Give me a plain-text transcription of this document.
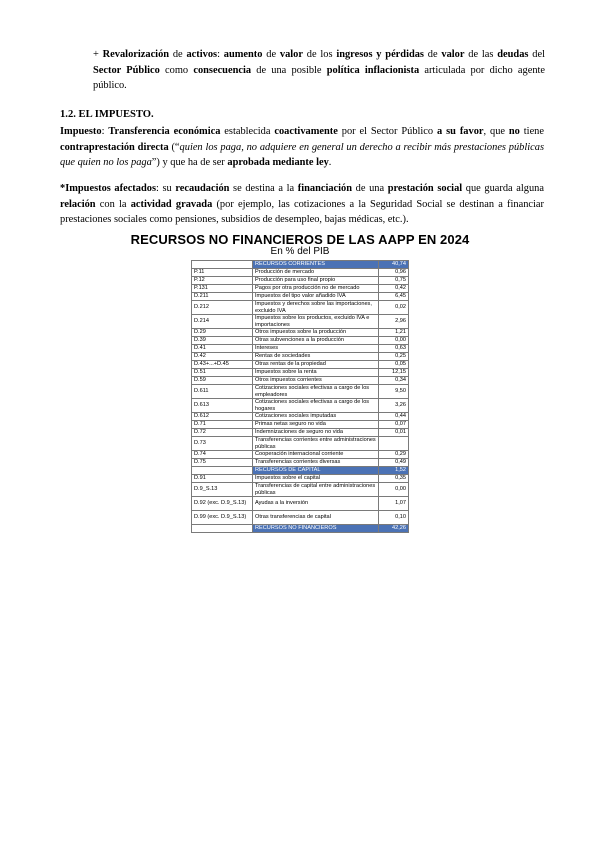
+ Revalorización de activos: aumento de valor de los ingresos y pérdidas de valor de las deudas del Sector Público como consecuencia de una posible política inflacionista articulada por dicho agente público.

1.2. EL IMPUESTO.

Impuesto: Transferencia económica establecida coactivamente por el Sector Público a su favor, que no tiene contraprestación directa (“quien los paga, no adquiere en general un derecho a recibir más prestaciones públicas que quien no los paga”) y que ha de ser aprobada mediante ley.

*Impuestos afectados: su recaudación se destina a la financiación de una prestación social que guarda alguna relación con la actividad gravada (por ejemplo, las cotizaciones a la Seguridad Social se destinan a financiar prestaciones sociales como pensiones, subsidios de desempleo, bajas médicas, etc.).

RECURSOS NO FINANCIEROS DE LAS AAPP EN 2024
En % del PIB
	RECURSOS CORRIENTES	40,74
P.11	Producción de mercado	0,96
P.12	Producción para uso final propio	0,75
P.131	Pagos por otra producción no de mercado	0,42
D.211	Impuestos del tipo valor añadido IVA	6,45
D.212	Impuestos y derechos sobre las importaciones, excluido IVA	0,02
D.214	Impuestos sobre los productos, excluido IVA e importaciones	2,96
D.29	Otros impuestos sobre la producción	1,21
D.39	Otras subvenciones a la producción	0,00
D.41	Intereses	0,63
D.42	Rentas de sociedades	0,25
D.43+...+D.45	Otras rentas de la propiedad	0,05
D.51	Impuestos sobre la renta	12,15
D.59	Otros impuestos corrientes	0,34
D.611	Cotizaciones sociales efectivas a cargo de los empleadores	9,50
D.613	Cotizaciones sociales efectivas a cargo de los hogares	3,26
D.612	Cotizaciones sociales imputadas	0,44
D.71	Primas netas seguro no vida	0,07
D.72	Indemnizaciones de seguro no vida	0,01
D.73	Transferencias corrientes entre administraciones públicas	
D.74	Cooperación internacional corriente	0,29
D.75	Transferencias corrientes diversas	0,49
	RECURSOS DE CAPITAL	1,52
D.91	Impuestos sobre el capital	0,35
D.9_S.13	Transferencias de capital entre administraciones públicas	0,00
D.92 (exc. D.9_S.13)	Ayudas a la inversión	1,07
D.99 (exc. D.9_S.13)	Otras transferencias de capital	0,10
	RECURSOS NO FINANCIEROS	42,26
